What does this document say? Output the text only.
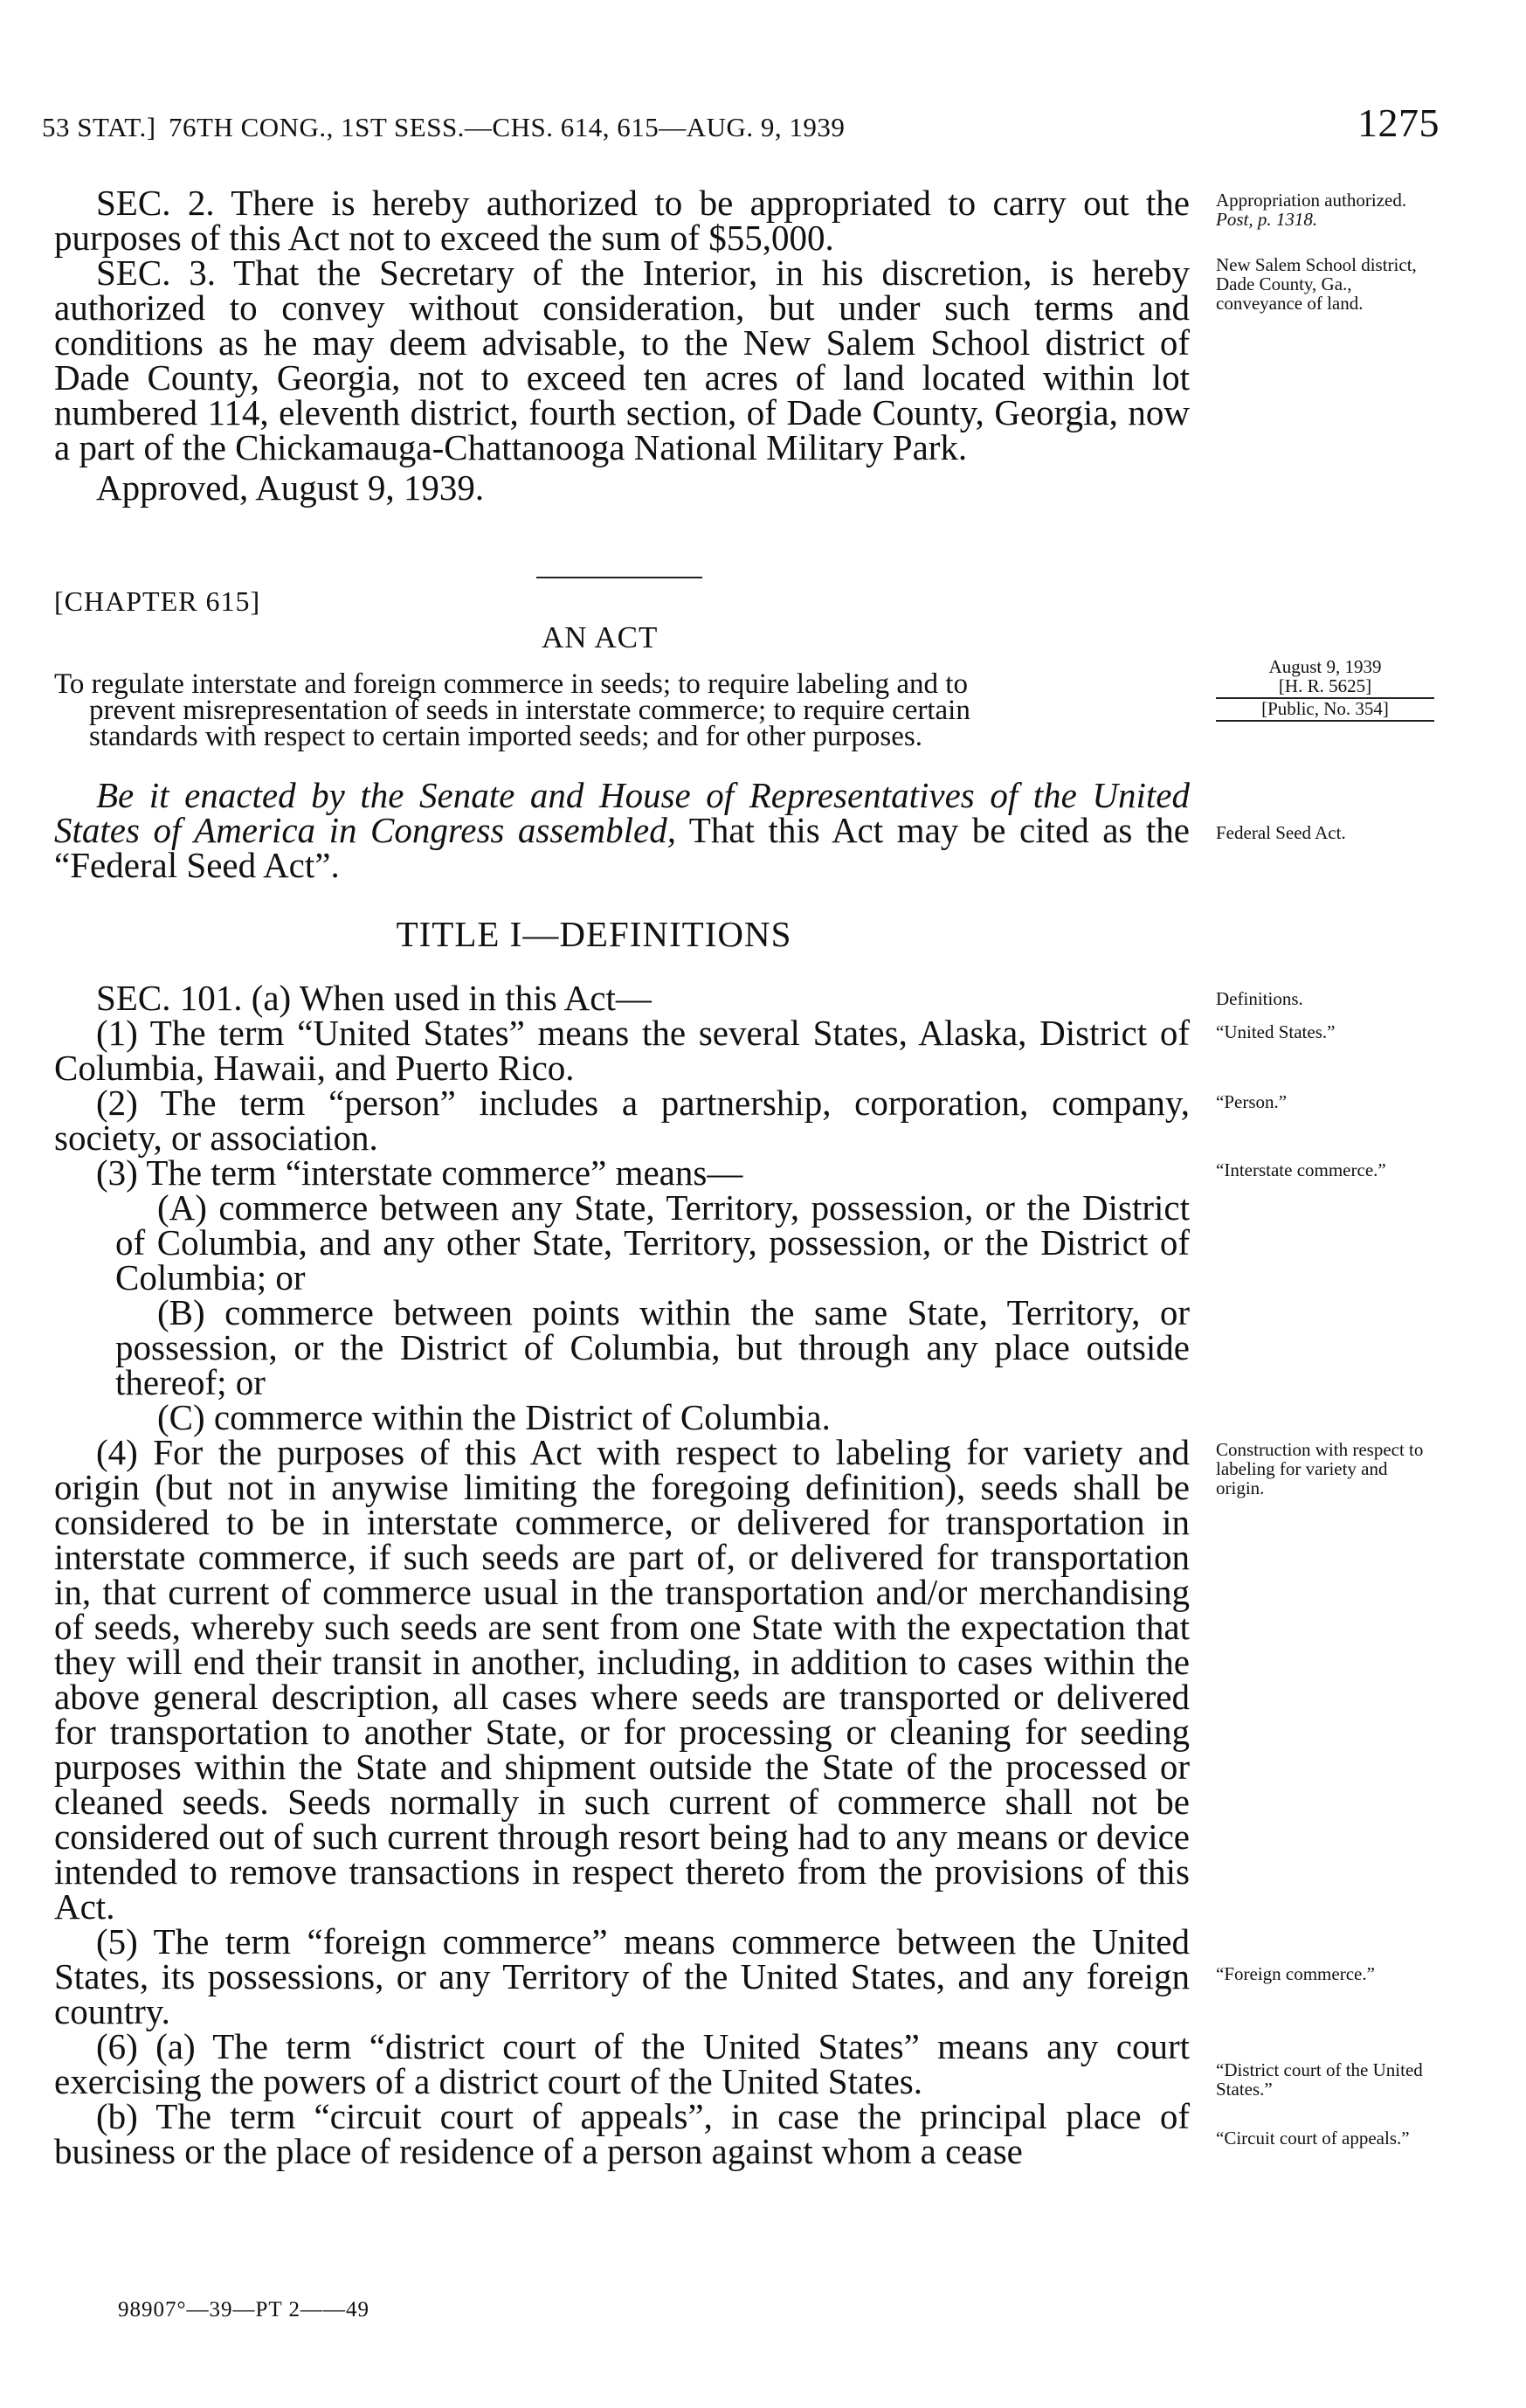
53 STAT.] 76TH CONG., 1ST SESS.—CHS. 614, 615—AUG. 9, 1939	1275

SEC. 2. There is hereby authorized to be appropriated to carry out the purposes of this Act not to exceed the sum of $55,000.

SEC. 3. That the Secretary of the Interior, in his discretion, is hereby authorized to convey without consideration, but under such terms and conditions as he may deem advisable, to the New Salem School district of Dade County, Georgia, not to exceed ten acres of land located within lot numbered 114, eleventh district, fourth section, of Dade County, Georgia, now a part of the Chickamauga-Chattanooga National Military Park.

Approved, August 9, 1939.

[CHAPTER 615]
AN ACT

To regulate interstate and foreign commerce in seeds; to require labeling and to

prevent misrepresentation of seeds in interstate commerce; to require certain

standards with respect to certain imported seeds; and for other purposes.

Be it enacted by the Senate and House of Representatives of the United States of America in Congress assembled, That this Act may be cited as the “Federal Seed Act”.

TITLE I—DEFINITIONS

SEC. 101. (a) When used in this Act—

(1) The term “United States” means the several States, Alaska, District of Columbia, Hawaii, and Puerto Rico.

(2) The term “person” includes a partnership, corporation, company, society, or association.

(3) The term “interstate commerce” means—

(A) commerce between any State, Territory, possession, or the District of Columbia, and any other State, Territory, possession, or the District of Columbia; or

(B) commerce between points within the same State, Territory, or possession, or the District of Columbia, but through any place outside thereof; or

(C) commerce within the District of Columbia.

(4) For the purposes of this Act with respect to labeling for variety and origin (but not in anywise limiting the foregoing definition), seeds shall be considered to be in interstate commerce, or delivered for transportation in interstate commerce, if such seeds are part of, or delivered for transportation in, that current of commerce usual in the transportation and/or merchandising of seeds, whereby such seeds are sent from one State with the expectation that they will end their transit in another, including, in addition to cases within the above general description, all cases where seeds are transported or delivered for transportation to another State, or for processing or cleaning for seeding purposes within the State and shipment outside the State of the processed or cleaned seeds. Seeds normally in such current of commerce shall not be considered out of such current through resort being had to any means or device intended to remove transactions in respect thereto from the provisions of this Act.

(5) The term “foreign commerce” means commerce between the United States, its possessions, or any Territory of the United States, and any foreign country.

(6) (a) The term “district court of the United States” means any court exercising the powers of a district court of the United States.

(b) The term “circuit court of appeals”, in case the principal place of business or the place of residence of a person against whom a cease

Appropriation authorized.

Post, p. 1318.

New Salem School district, Dade County, Ga., conveyance of land.

August 9, 1939

[H. R. 5625]

[Public, No. 354]

Federal Seed Act.
Definitions.
“United States.”
“Person.”
“Interstate commerce.”
Construction with respect to labeling for variety and origin.
“Foreign commerce.”
“District court of the United States.”
“Circuit court of appeals.”
98907°—39—PT 2——49
